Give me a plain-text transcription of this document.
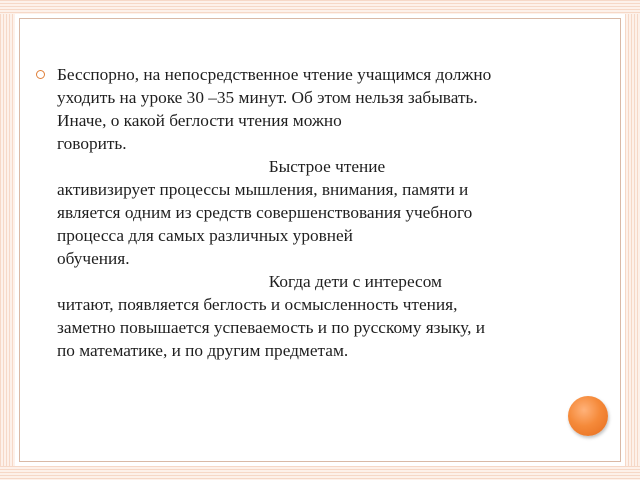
Бесспорно, на непосредственное чтение учащимся должно
уходить на уроке 30 –35 минут. Об этом нельзя забывать.
Иначе, о какой беглости чтения можно
говорить.
Быстрое чтение
активизирует процессы мышления, внимания, памяти и
является одним из средств совершенствования учебного
процесса для самых различных уровней
обучения.
Когда дети с интересом
читают, появляется беглость и осмысленность чтения,
заметно повышается успеваемость и по русскому языку, и
по математике, и по другим предметам.
